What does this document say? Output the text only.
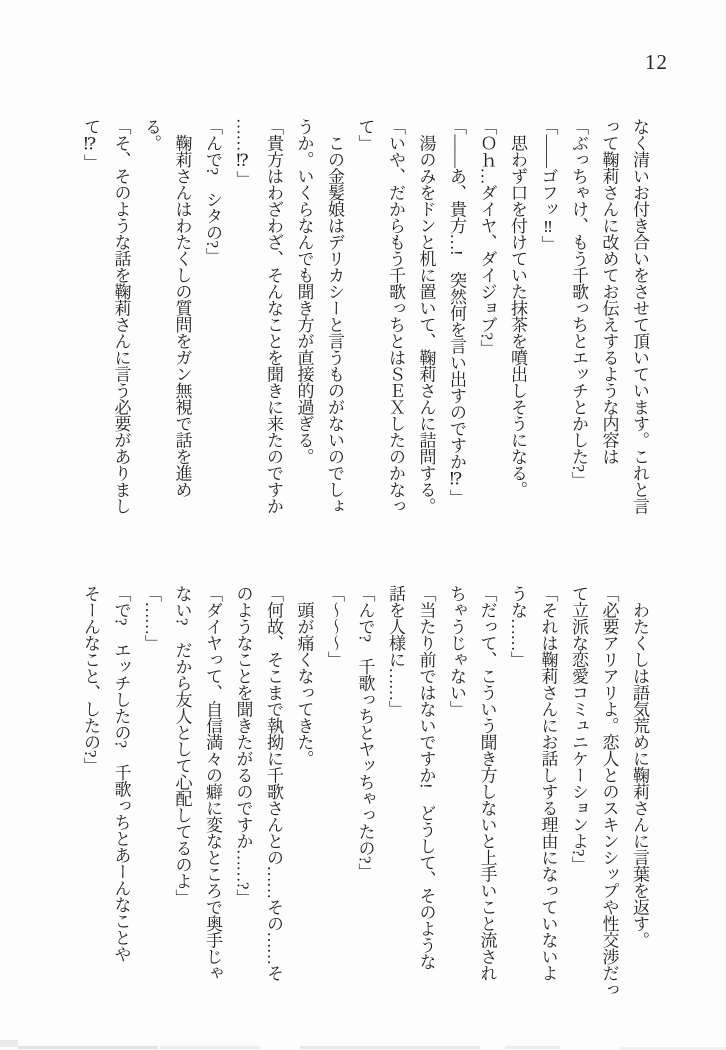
12
なく清いお付き合いをさせて頂いています。これと言
って鞠莉さんに改めてお伝えするような内容は
「ぶっちゃけ、もう千歌っちとエッチとかした?」
「——ゴフッ‼」
　思わず口を付けていた抹茶を噴出しそうになる。
「Ｏｈ…ダイヤ、ダイジョブ?」
「——あ、貴方…!　突然何を言い出すのですか⁉」
　湯のみをドンと机に置いて、鞠莉さんに詰問する。
「いや、だからもう千歌っちとはＳＥＸしたのかなっ
て」
　この金髪娘はデリカシーと言うものがないのでしょ
うか。いくらなんでも聞き方が直接的過ぎる。
「貴方はわざわざ、そんなことを聞きに来たのですか
……⁉」
「んで?　シタの?」
　鞠莉さんはわたくしの質問をガン無視で話を進め
る。
「そ、そのような話を鞠莉さんに言う必要がありまし
て⁉」
　わたくしは語気荒めに鞠莉さんに言葉を返す。
「必要アリアリよ。恋人とのスキンシップや性交渉だっ
て立派な恋愛コミュニケーションよ?」
「それは鞠莉さんにお話しする理由になっていないよ
うな……」
「だって、こういう聞き方しないと上手いこと流され
ちゃうじゃない」
「当たり前ではないですか!　どうして、そのような
話を人様に……」
「んで?　千歌っちとヤッちゃったの?」
「〜〜〜」
　頭が痛くなってきた。
「何故、そこまで執拗に千歌さんとの……その……そ
のようなことを聞きたがるのですか……?」
「ダイヤって、自信満々の癖に変なところで奥手じゃ
ない?　だから友人として心配してるのよ」
「……」
「で?　エッチしたの?　千歌っちとあーんなことや
そーんなこと、したの?」
